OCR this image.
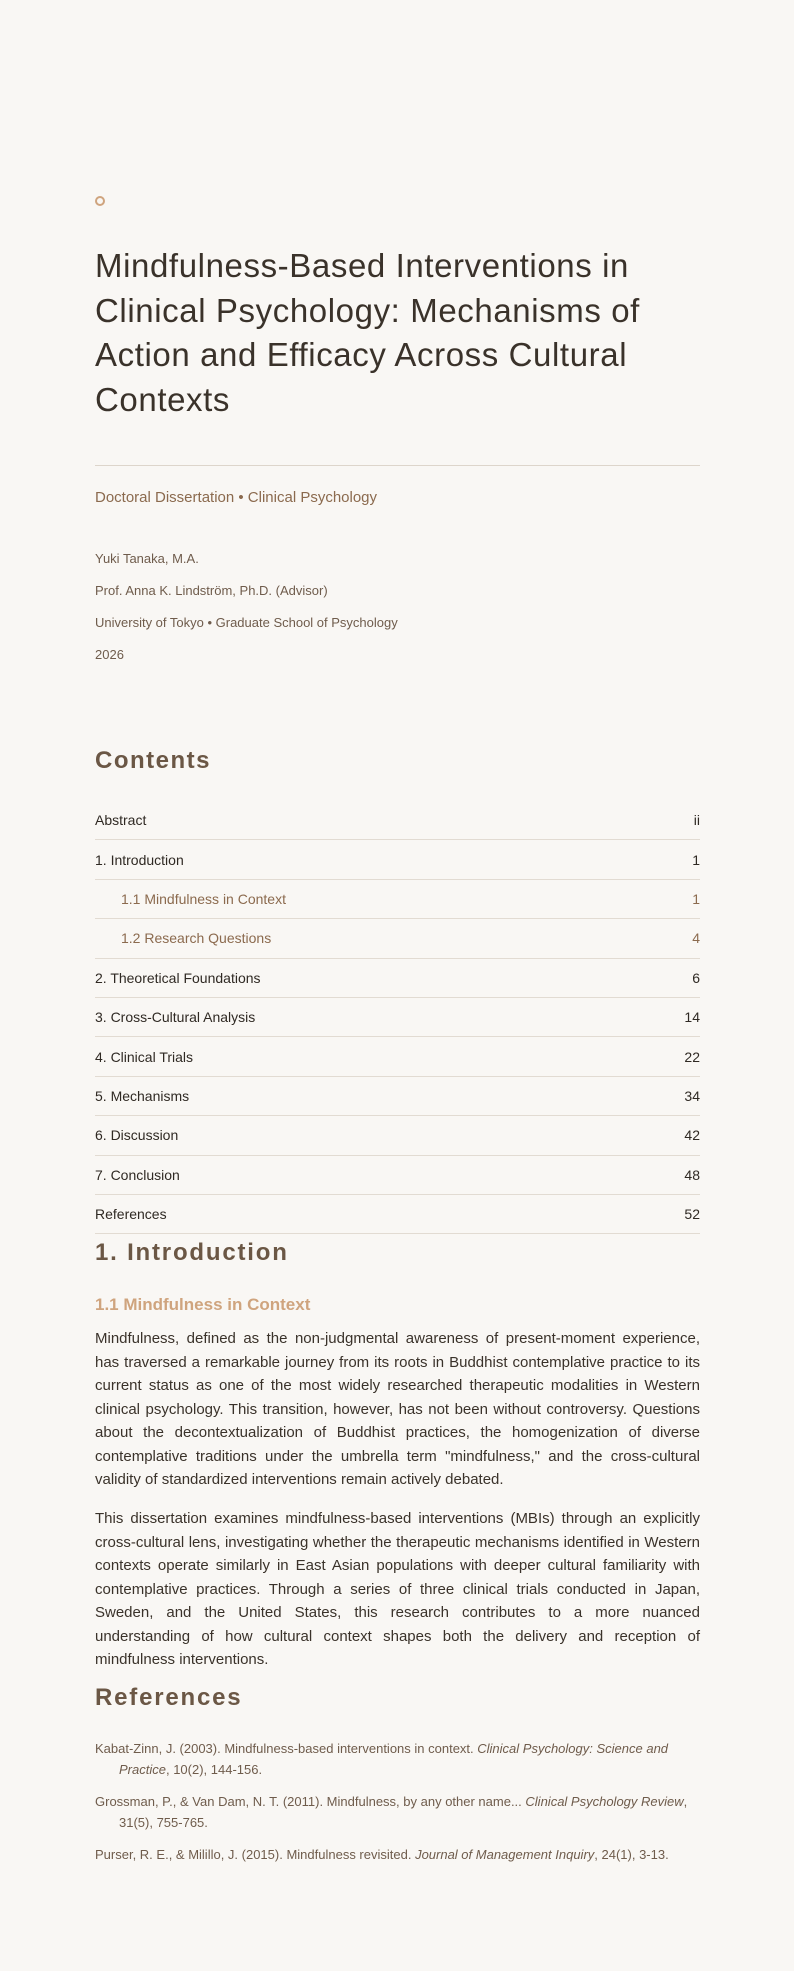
Mindfulness-Based Interventions in Clinical Psychology: Mechanisms of Action and Efficacy Across Cultural Contexts
Doctoral Dissertation • Clinical Psychology
Yuki Tanaka, M.A.
Prof. Anna K. Lindström, Ph.D. (Advisor)
University of Tokyo • Graduate School of Psychology
2026
Contents
Abstract	ii
1. Introduction	1
1.1 Mindfulness in Context	1
1.2 Research Questions	4
2. Theoretical Foundations	6
3. Cross-Cultural Analysis	14
4. Clinical Trials	22
5. Mechanisms	34
6. Discussion	42
7. Conclusion	48
References	52
1. Introduction
1.1 Mindfulness in Context

Mindfulness, defined as the non-judgmental awareness of present-moment experience, has traversed a remarkable journey from its roots in Buddhist contemplative practice to its current status as one of the most widely researched therapeutic modalities in Western clinical psychology. This transition, however, has not been without controversy. Questions about the decontextualization of Buddhist practices, the homogenization of diverse contemplative traditions under the umbrella term "mindfulness," and the cross-cultural validity of standardized interventions remain actively debated.

This dissertation examines mindfulness-based interventions (MBIs) through an explicitly cross-cultural lens, investigating whether the therapeutic mechanisms identified in Western contexts operate similarly in East Asian populations with deeper cultural familiarity with contemplative practices. Through a series of three clinical trials conducted in Japan, Sweden, and the United States, this research contributes to a more nuanced understanding of how cultural context shapes both the delivery and reception of mindfulness interventions.

References

Kabat-Zinn, J. (2003). Mindfulness-based interventions in context. Clinical Psychology: Science and Practice, 10(2), 144-156.

Grossman, P., & Van Dam, N. T. (2011). Mindfulness, by any other name... Clinical Psychology Review, 31(5), 755-765.

Purser, R. E., & Milillo, J. (2015). Mindfulness revisited. Journal of Management Inquiry, 24(1), 3-13.
